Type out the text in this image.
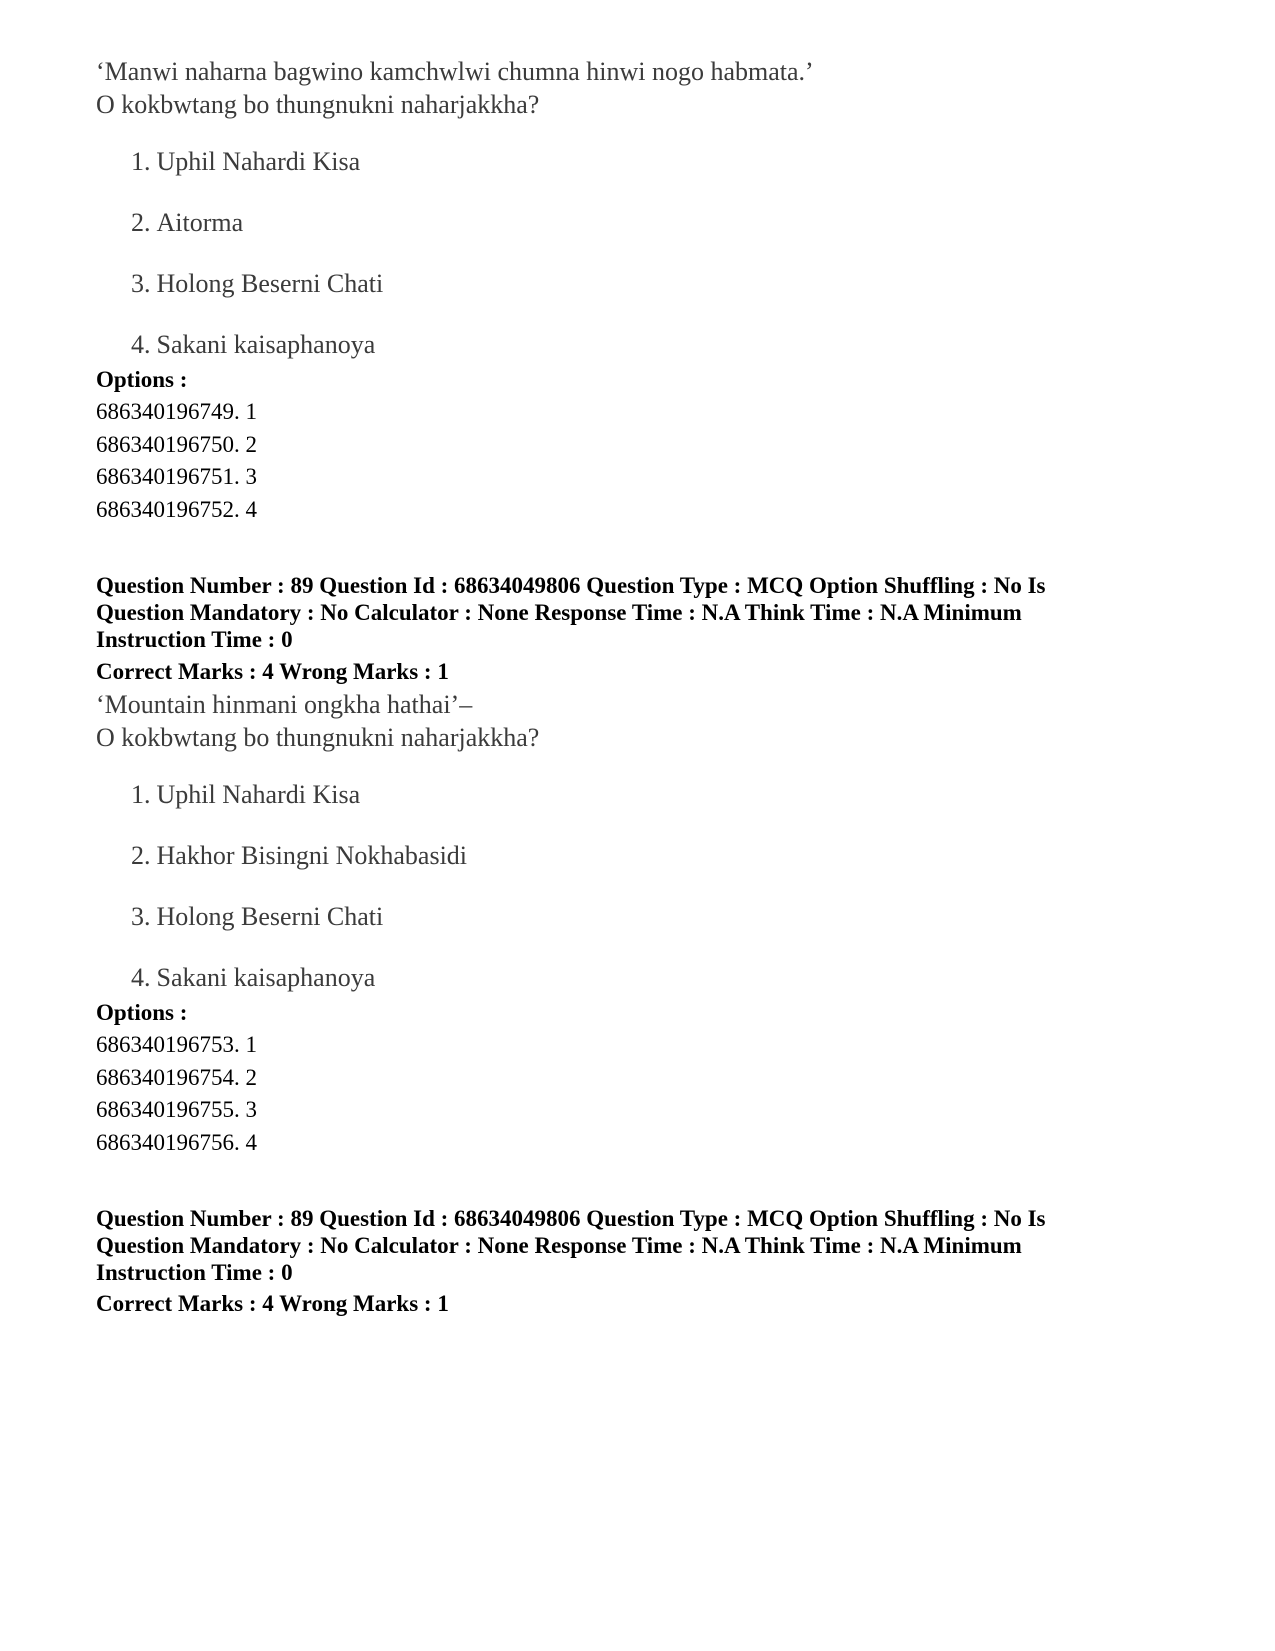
‘Manwi naharna bagwino kamchwlwi chumna hinwi nogo habmata.’
O kokbwtang bo thungnukni naharjakkha?
1. Uphil Nahardi Kisa
2. Aitorma
3. Holong Beserni Chati
4. Sakani kaisaphanoya
Options :
686340196749. 1
686340196750. 2
686340196751. 3
686340196752. 4
Question Number : 89 Question Id : 68634049806 Question Type : MCQ Option Shuffling : No Is
Question Mandatory : No Calculator : None Response Time : N.A Think Time : N.A Minimum
Instruction Time : 0
Correct Marks : 4 Wrong Marks : 1
‘Mountain hinmani ongkha hathai’–
O kokbwtang bo thungnukni naharjakkha?
1. Uphil Nahardi Kisa
2. Hakhor Bisingni Nokhabasidi
3. Holong Beserni Chati
4. Sakani kaisaphanoya
Options :
686340196753. 1
686340196754. 2
686340196755. 3
686340196756. 4
Question Number : 89 Question Id : 68634049806 Question Type : MCQ Option Shuffling : No Is
Question Mandatory : No Calculator : None Response Time : N.A Think Time : N.A Minimum
Instruction Time : 0
Correct Marks : 4 Wrong Marks : 1
